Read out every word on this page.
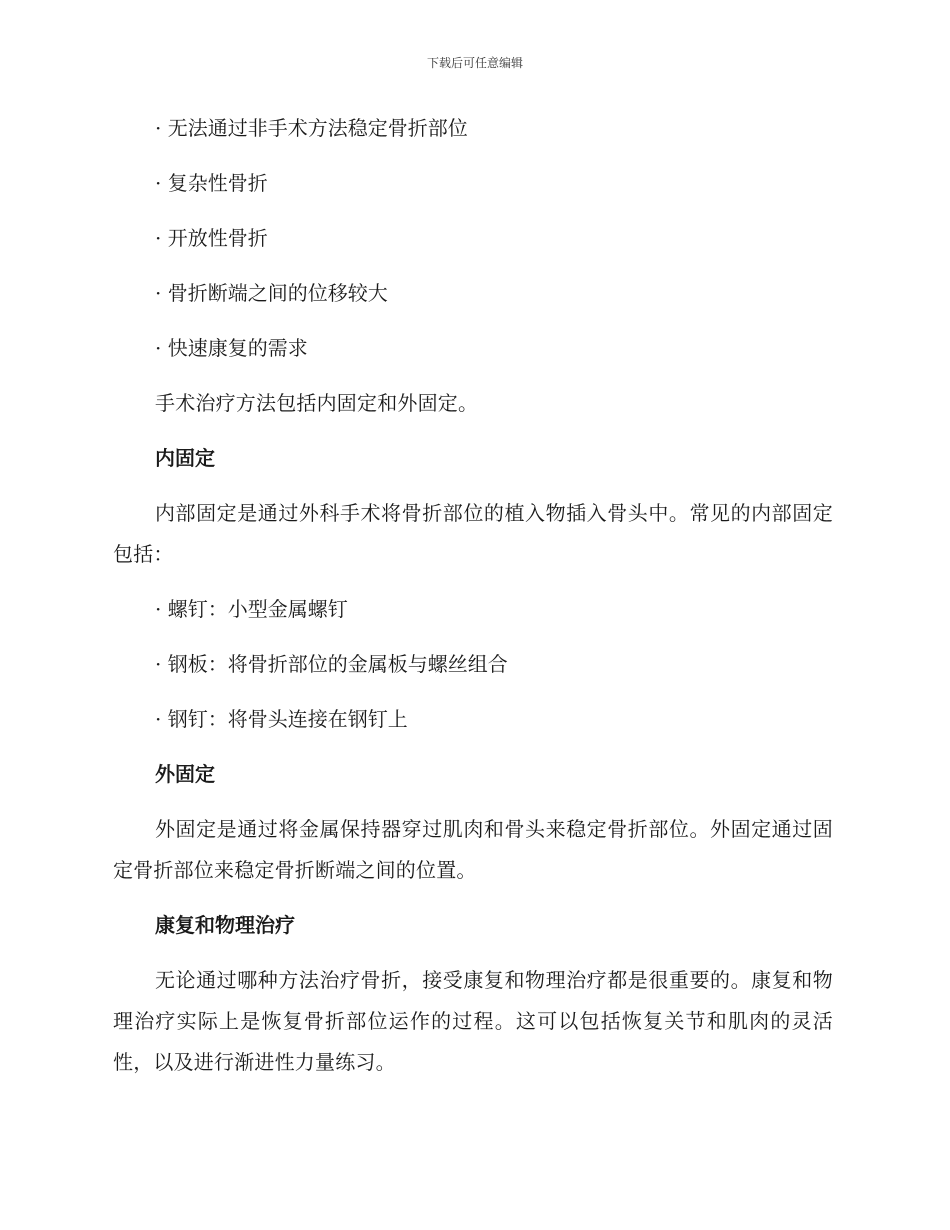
下载后可任意编辑

· 无法通过非手术方法稳定骨折部位

· 复杂性骨折

· 开放性骨折

· 骨折断端之间的位移较大

· 快速康复的需求

手术治疗方法包括内固定和外固定。

内固定

内部固定是通过外科手术将骨折部位的植入物插入骨头中。常见的内部固定包括：

· 螺钉：小型金属螺钉

· 钢板：将骨折部位的金属板与螺丝组合

· 钢钉：将骨头连接在钢钉上

外固定

外固定是通过将金属保持器穿过肌肉和骨头来稳定骨折部位。外固定通过固定骨折部位来稳定骨折断端之间的位置。

康复和物理治疗

无论通过哪种方法治疗骨折，接受康复和物理治疗都是很重要的。康复和物理治疗实际上是恢复骨折部位运作的过程。这可以包括恢复关节和肌肉的灵活性，以及进行渐进性力量练习。
